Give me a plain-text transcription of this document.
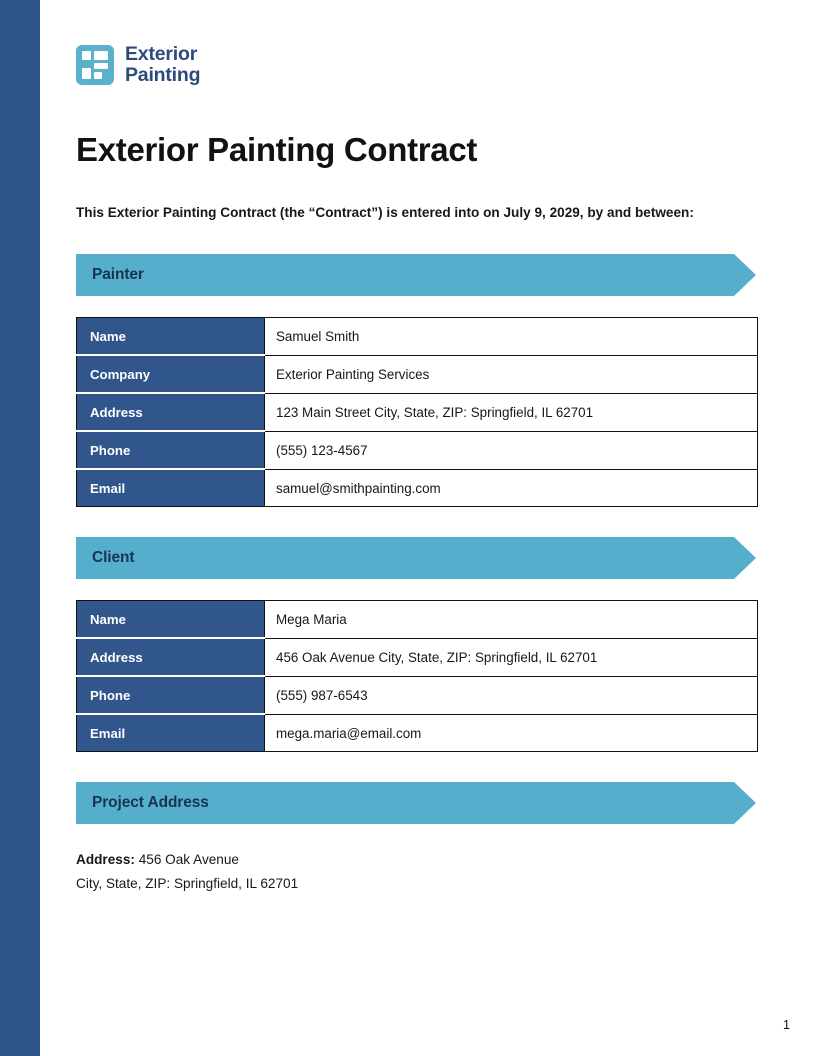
Exterior
Painting
Exterior Painting Contract

This Exterior Painting Contract (the “Contract”) is entered into on July 9, 2029, by and between:

Painter
Name	Samuel Smith
Company	Exterior Painting Services
Address	123 Main Street City, State, ZIP: Springfield, IL 62701
Phone	(555) 123-4567
Email	samuel@smithpainting.com
Client
Name	Mega Maria
Address	456 Oak Avenue City, State, ZIP: Springfield, IL 62701
Phone	(555) 987-6543
Email	mega.maria@email.com
Project Address
Address: 456 Oak Avenue
City, State, ZIP: Springfield, IL 62701
1
